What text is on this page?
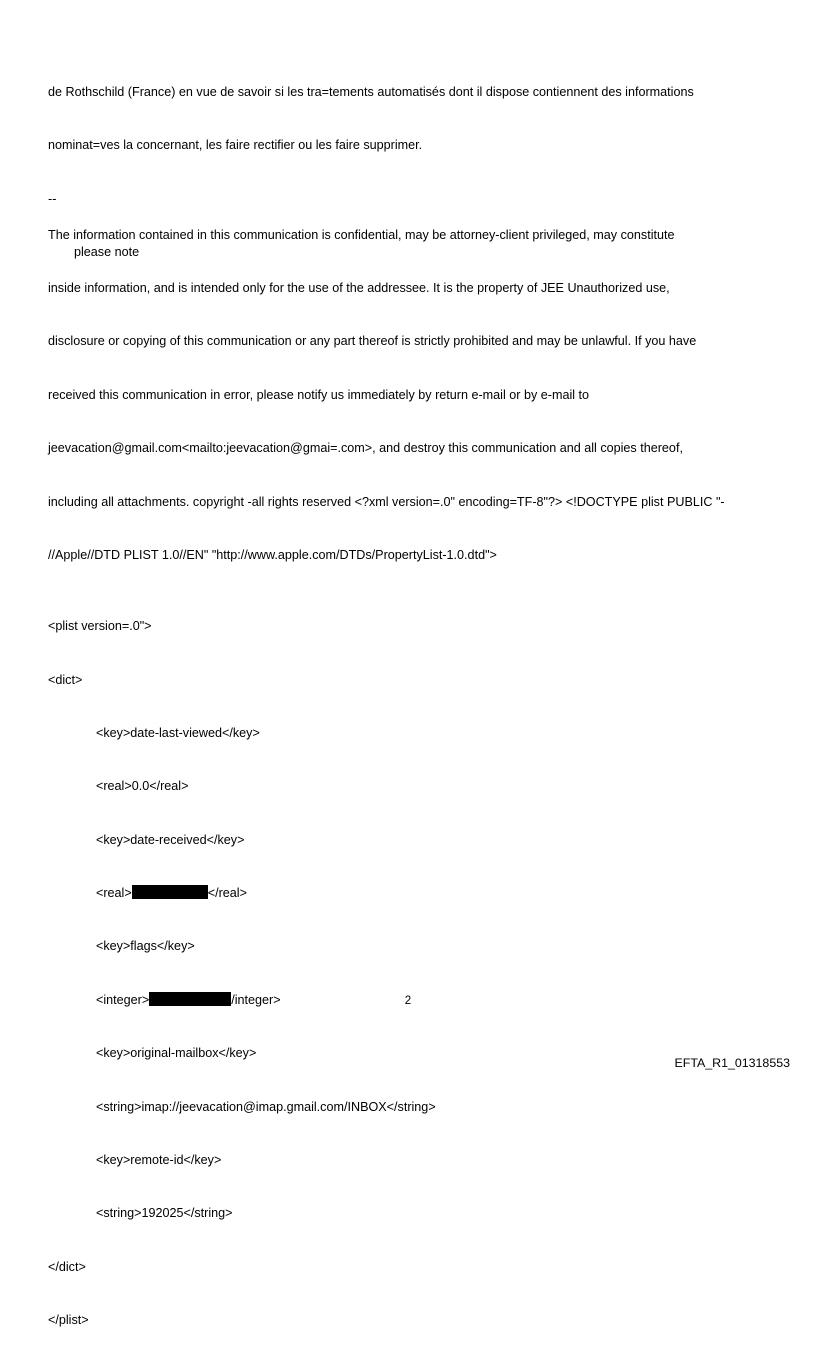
de Rothschild (France) en vue de savoir si les tra=tements automatisés dont il dispose contiennent des informations

nominat=ves la concernant, les faire rectifier ou les faire supprimer.

--

please note

The information contained in this communication is confidential, may be attorney-client privileged, may constitute

inside information, and is intended only for the use of the addressee. It is the property of JEE Unauthorized use,

disclosure or copying of this communication or any part thereof is strictly prohibited and may be unlawful. If you have

received this communication in error, please notify us immediately by return e-mail or by e-mail to

jeevacation@gmail.com<mailto:jeevacation@gmai=.com>, and destroy this communication and all copies thereof,

including all attachments. copyright -all rights reserved <?xml version=.0" encoding=TF-8"?> <!DOCTYPE plist PUBLIC "-

//Apple//DTD PLIST 1.0//EN" "http://www.apple.com/DTDs/PropertyList-1.0.dtd">

<plist version=.0">

<dict>

<key>date-last-viewed</key>

<real>0.0</real>

<key>date-received</key>

<real>	</real>

<key>flags</key>

<integer>	/integer>

<key>original-mailbox</key>

<string>imap://jeevacation@imap.gmail.com/INBOX</string>

<key>remote-id</key>

<string>192025</string>

</dict>

</plist>

2
EFTA_R1_01318553
